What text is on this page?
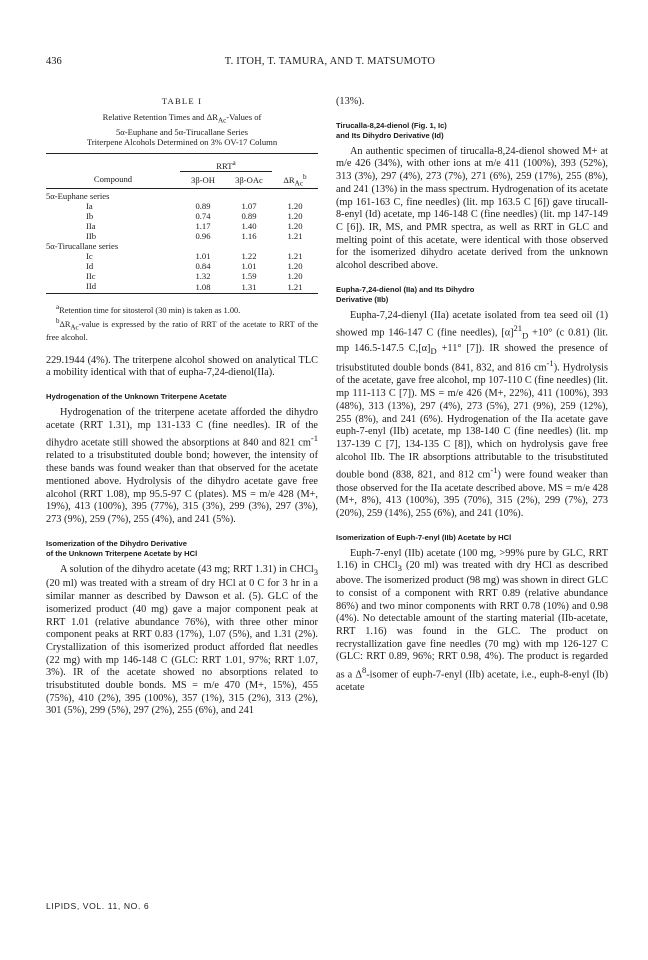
436	T. ITOH, T. TAMURA, AND T. MATSUMOTO
TABLE I
Relative Retention Times and $\Delta R_{Ac}$-Values of
5α-Euphane and 5α-Tirucallane Series
Triterpene Alcohols Determined on 3% OV-17 Column

	RRT$^a$	
Compound	3β-OH	3β-OAc	$\Delta R_{Ac}^b$
5α-Euphane series			
Ia	0.89	1.07	1.20
Ib	0.74	0.89	1.20
IIa	1.17	1.40	1.20
IIb	0.96	1.16	1.21
5α-Tirucallane series			
Ic	1.01	1.22	1.21
Id	0.84	1.01	1.20
IIc	1.32	1.59	1.20
IId	1.08	1.31	1.21

$^a$Retention time for sitosterol (30 min) is taken as 1.00.

$^b\Delta R_{Ac}$-value is expressed by the ratio of RRT of the acetate to RRT of the free alcohol.

229.1944 (4%). The triterpene alcohol showed on analytical TLC a mobility identical with that of eupha-7,24-dienol(IIa).

Hydrogenation of the Unknown Triterpene Acetate

Hydrogenation of the triterpene acetate afforded the dihydro acetate (RRT 1.31), mp 131-133 C (fine needles). IR of the dihydro acetate still showed the absorptions at 840 and 821 $cm^{-1}$ related to a trisubstituted double bond; however, the intensity of these bands was found weaker than that observed for the acetate mentioned above. Hydrolysis of the dihydro acetate gave free alcohol (RRT 1.08), mp 95.5-97 C (plates). MS = m/e 428 (M+, 19%), 413 (100%), 395 (77%), 315 (3%), 299 (3%), 297 (3%), 273 (9%), 259 (7%), 255 (4%), and 241 (5%).

Isomerization of the Dihydro Derivative
of the Unknown Triterpene Acetate by HCl

A solution of the dihydro acetate (43 mg; RRT 1.31) in CHCl$_3$ (20 ml) was treated with a stream of dry HCl at 0 C for 3 hr in a similar manner as described by Dawson et al. (5). GLC of the isomerized product (40 mg) gave a major component peak at RRT 1.01 (relative abundance 76%), with three other minor component peaks at RRT 0.83 (17%), 1.07 (5%), and 1.31 (2%). Crystallization of this isomerized product afforded flat needles (22 mg) with mp 146-148 C (GLC: RRT 1.01, 97%; RRT 1.07, 3%). IR of the acetate showed no absorptions related to trisubstituted double bonds. MS = m/e 470 (M+, 15%), 455 (75%), 410 (2%), 395 (100%), 357 (1%), 315 (2%), 313 (2%), 301 (5%), 299 (5%), 297 (2%), 255 (6%), and 241

(13%).

Tirucalla-8,24-dienol (Fig. 1, Ic)
and Its Dihydro Derivative (Id)

An authentic specimen of tirucalla-8,24-dienol showed M+ at m/e 426 (34%), with other ions at m/e 411 (100%), 393 (52%), 313 (3%), 297 (4%), 273 (7%), 271 (6%), 259 (17%), 255 (8%), and 241 (13%) in the mass spectrum. Hydrogenation of its acetate (mp 161-163 C, fine needles) (lit. mp 163.5 C [6]) gave tirucall-8-enyl (Id) acetate, mp 146-148 C (fine needles) (lit. mp 147-149 C [6]). IR, MS, and PMR spectra, as well as RRT in GLC and melting point of this acetate, were identical with those observed for the isomerized dihydro acetate derived from the unknown alcohol described above.

Eupha-7,24-dienol (IIa) and Its Dihydro
Derivative (IIb)

Eupha-7,24-dienyl (IIa) acetate isolated from tea seed oil (1) showed mp 146-147 C (fine needles), $[\alpha]^{21}_D +10^\circ$ (c 0.81) (lit. mp 146.5-147.5 $C,[\alpha]_D +11^\circ$ [7]). IR showed the presence of trisubstituted double bonds (841, 832, and 816 $cm^{-1}$). Hydrolysis of the acetate, gave free alcohol, mp 107-110 C (fine needles) (lit. mp 111-113 C [7]). MS = m/e 426 (M+, 22%), 411 (100%), 393 (48%), 313 (13%), 297 (4%), 273 (5%), 271 (9%), 259 (12%), 255 (8%), and 241 (6%). Hydrogenation of the IIa acetate gave euph-7-enyl (IIb) acetate, mp 138-140 C (fine needles) (lit. mp 137-139 C [7], 134-135 C [8]), which on hydrolysis gave free alcohol IIb. The IR absorptions attributable to the trisubstituted double bond (838, 821, and 812 $cm^{-1}$) were found weaker than those observed for the IIa acetate described above. MS = m/e 428 (M+, 8%), 413 (100%), 395 (70%), 315 (2%), 299 (7%), 273 (20%), 259 (14%), 255 (6%), and 241 (10%).

Isomerization of Euph-7-enyl (IIb) Acetate by HCl

Euph-7-enyl (IIb) acetate (100 mg, >99% pure by GLC, RRT 1.16) in CHCl$_3$ (20 ml) was treated with dry HCl as described above. The isomerized product (98 mg) was shown in direct GLC to consist of a component with RRT 0.89 (relative abundance 86%) and two minor components with RRT 0.78 (10%) and 0.98 (4%). No detectable amount of the starting material (IIb-acetate, RRT 1.16) was found in the GLC. The product on recrystallization gave fine needles (70 mg) with mp 126-127 C (GLC: RRT 0.89, 96%; RRT 0.98, 4%). The product is regarded as a $\Delta^8$-isomer of euph-7-enyl (IIb) acetate, i.e., euph-8-enyl (Ib) acetate

LIPIDS, VOL. 11, NO. 6
